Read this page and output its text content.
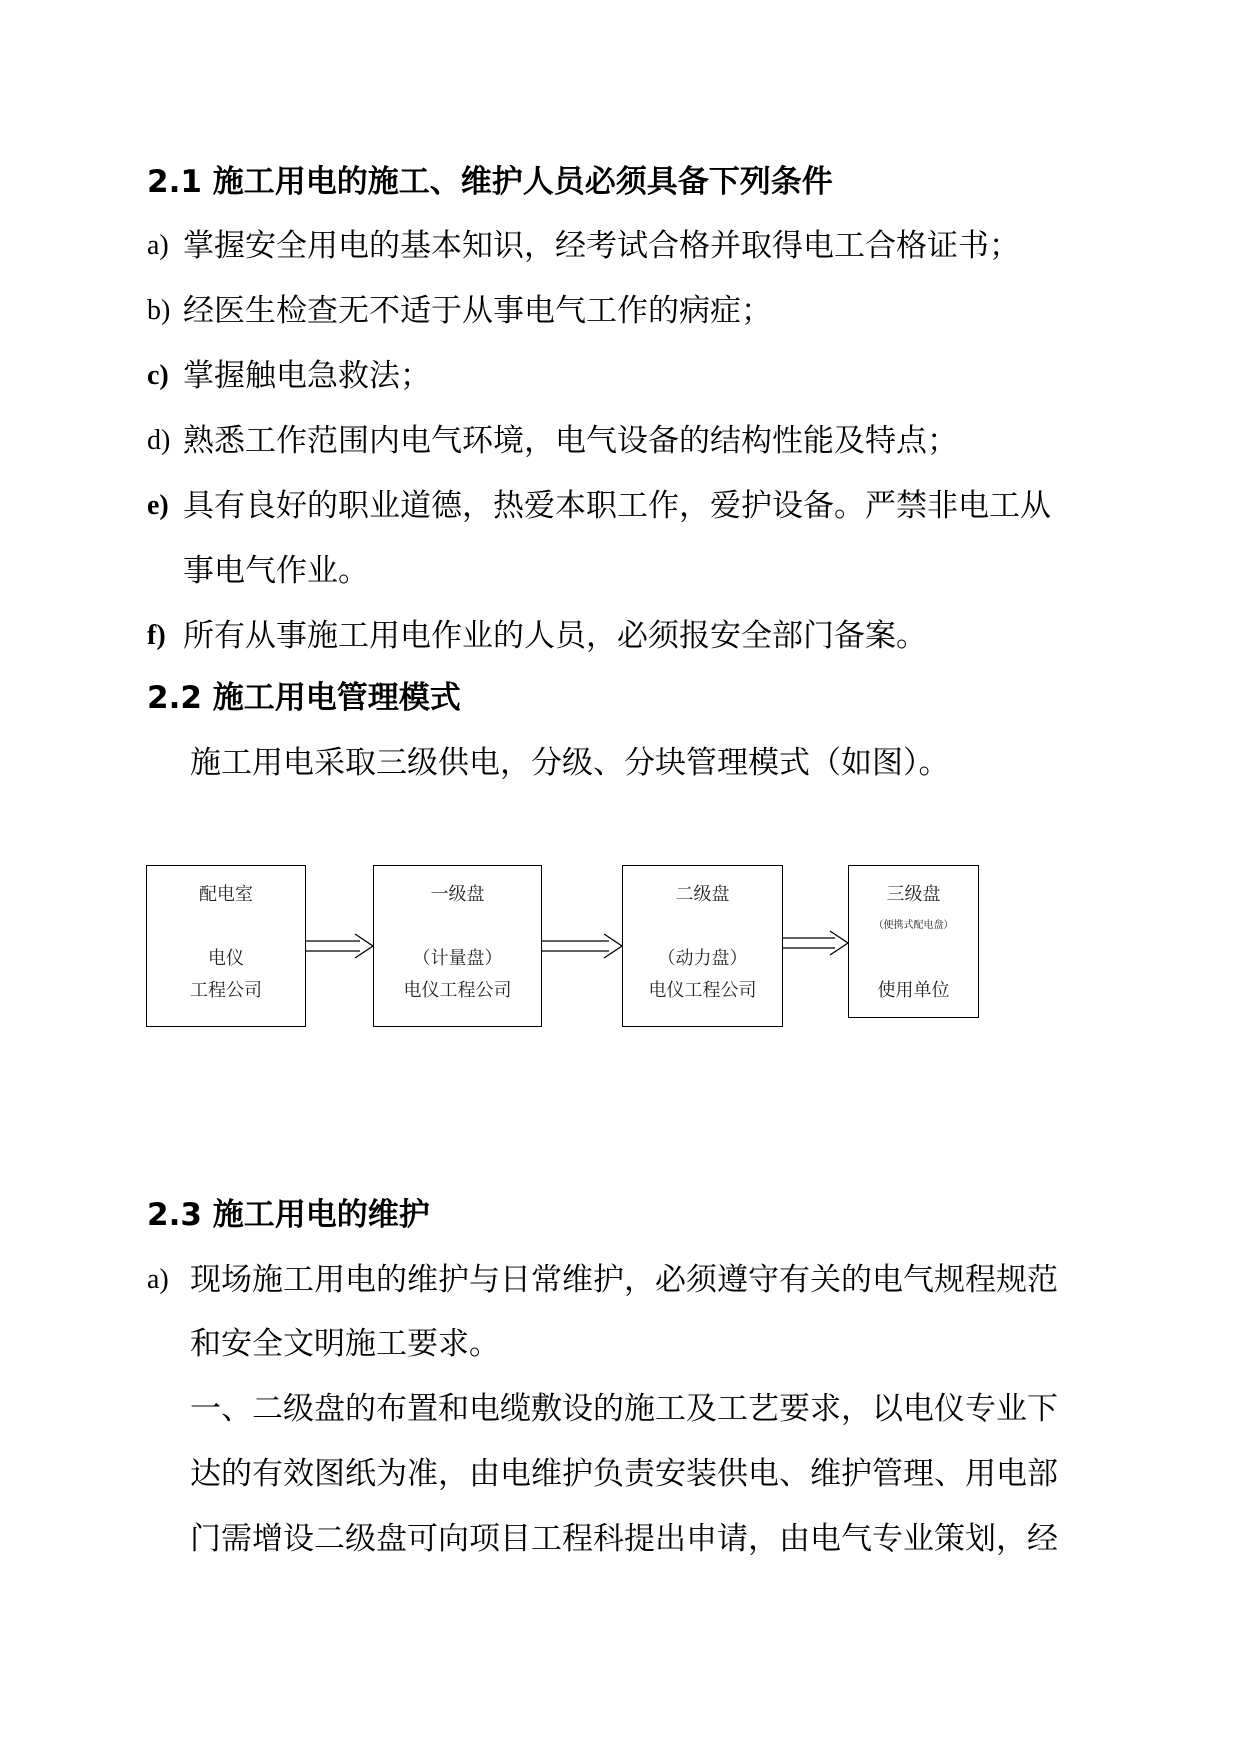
2.1 施工用电的施工、维护人员必须具备下列条件
a) 掌握安全用电的基本知识，经考试合格并取得电工合格证书；
b) 经医生检查无不适于从事电气工作的病症；
c) 掌握触电急救法；
d) 熟悉工作范围内电气环境，电气设备的结构性能及特点；
e) 具有良好的职业道德，热爱本职工作，爱护设备。严禁非电工从
事电气作业。
f) 所有从事施工用电作业的人员，必须报安全部门备案。
2.2 施工用电管理模式
施工用电采取三级供电，分级、分块管理模式（如图）。
配电室
电仪
工程公司
一级盘
（计量盘）
电仪工程公司
二级盘
（动力盘）
电仪工程公司
三级盘
（便携式配电盘）
使用单位
2.3 施工用电的维护
a) 现场施工用电的维护与日常维护，必须遵守有关的电气规程规范
和安全文明施工要求。
一、二级盘的布置和电缆敷设的施工及工艺要求，以电仪专业下
达的有效图纸为准，由电维护负责安装供电、维护管理、用电部
门需增设二级盘可向项目工程科提出申请，由电气专业策划，经
